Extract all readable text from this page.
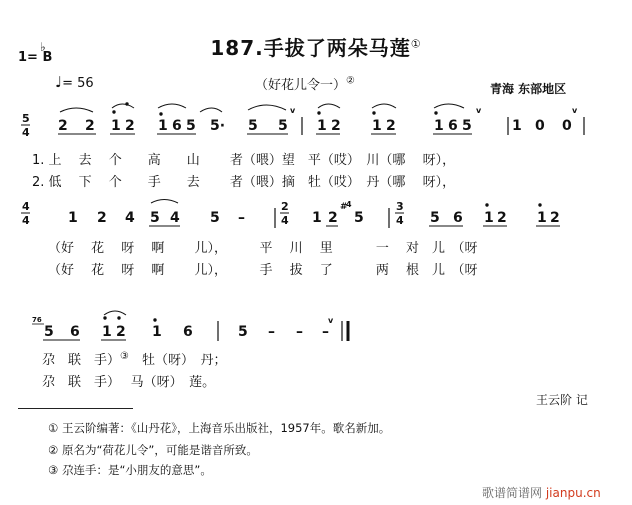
187.手拔了两朵马莲①
1= B
♭
♩= 56	（好花儿令一）②
青海 东部地区
5
4 2 2 1 2 1 6 5 5· 5 5
v
1 2 1 2	1 6 5
v
1 0 0
v
1. 上　 去　 个　　高　　山　　 者（喂）望　平（哎）　川（哪　 呀），
2. 低　 下　 个　　手　　去　　 者（喂）摘　牡（哎）　丹（哪　 呀），
4
4	1 2 4 5 4 5 –
2
4 1 2
#
4
5
3
4 5 6 1 2 1 2
（好　 花　 呀　 啊　　 儿），　　　平　 川　 里　　　 一　 对　儿　（呀
（好　 花　 呀　 啊　　 儿），　　　手　 拔　 了　　　 两　 根　儿　（呀
76
5 6 1 2 1 6	5 – – –
v
尕　联　手）③　牡（呀）　丹；
尕　联　手）　 马（呀）　莲。
王云阶 记
① 王云阶编著：《山丹花》，上海音乐出版社，1957年。歌名新加。
② 原名为“荷花儿令”，可能是谐音所致。
③ 尕连手：是“小朋友的意思”。
歌谱简谱网 jianpu.cn
